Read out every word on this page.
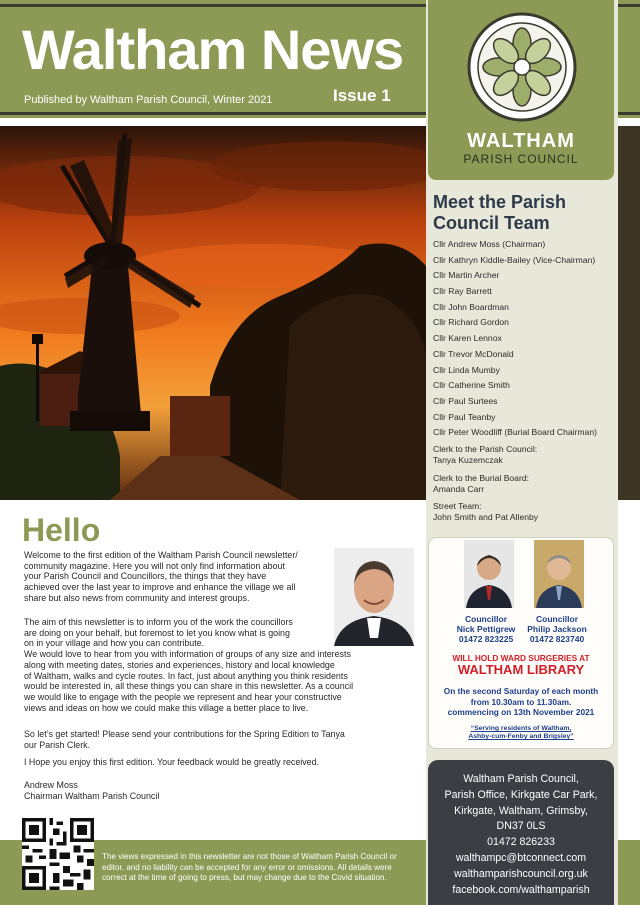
Waltham News
Published by Waltham Parish Council, Winter 2021	Issue 1
WALTHAM
PARISH COUNCIL
Meet the Parish
Council Team
Cllr Andrew Moss (Chairman)
Cllr Kathryn Kiddle-Bailey (Vice-Chairman)
Cllr Martin Archer
Cllr Ray Barrett
Cllr John Boardman
Cllr Richard Gordon
Cllr Karen Lennox
Cllr Trevor McDonald
Cllr Linda Mumby
Cllr Catherine Smith
Cllr Paul Surtees
Cllr Paul Teanby
Cllr Peter Woodliff (Burial Board Chairman)
Clerk to the Parish Council:
Tanya Kuzemczak
Clerk to the Burial Board:
Amanda Carr
Street Team:
John Smith and Pat Allenby
Councillor
Nick Pettigrew
01472 823225
Councillor
Philip Jackson
01472 823740
WILL HOLD WARD SURGERIES AT
WALTHAM LIBRARY
On the second Saturday of each month
from 10.30am to 11.30am.
commencing on 13th November 2021
“Serving residents of Waltham,
Ashby-cum-Fenby and Brigsley”
Waltham Parish Council,
Parish Office, Kirkgate Car Park,
Kirkgate, Waltham, Grimsby,
DN37 0LS
01472 826233
walthampc@btconnect.com
walthamparishcouncil.org.uk
facebook.com/walthamparish
Hello
Welcome to the first edition of the Waltham Parish Council newsletter/
community magazine. Here you will not only find information about
your Parish Council and Councillors, the things that they have
achieved over the last year to improve and enhance the village we all
share but also news from community and interest groups.
The aim of this newsletter is to inform you of the work the councillors
are doing on your behalf, but foremost to let you know what is going
on in your village and how you can contribute.
We would love to hear from you with information of groups of any size and interests
along with meeting dates, stories and experiences, history and local knowledge
of Waltham, walks and cycle routes. In fact, just about anything you think residents
would be interested in, all these things you can share in this newsletter. As a council
we would like to engage with the people we represent and hear your constructive
views and ideas on how we could make this village a better place to live.
So let’s get started! Please send your contributions for the Spring Edition to Tanya
our Parish Clerk.
I Hope you enjoy this first edition. Your feedback would be greatly received.
Andrew Moss
Chairman Waltham Parish Council
The views expressed in this newsletter are not those of Waltham Parish Council or
editor, and no liability can be accepted for any error or omissions. All details were
correct at the time of going to press, but may change due to the Covid situation.
